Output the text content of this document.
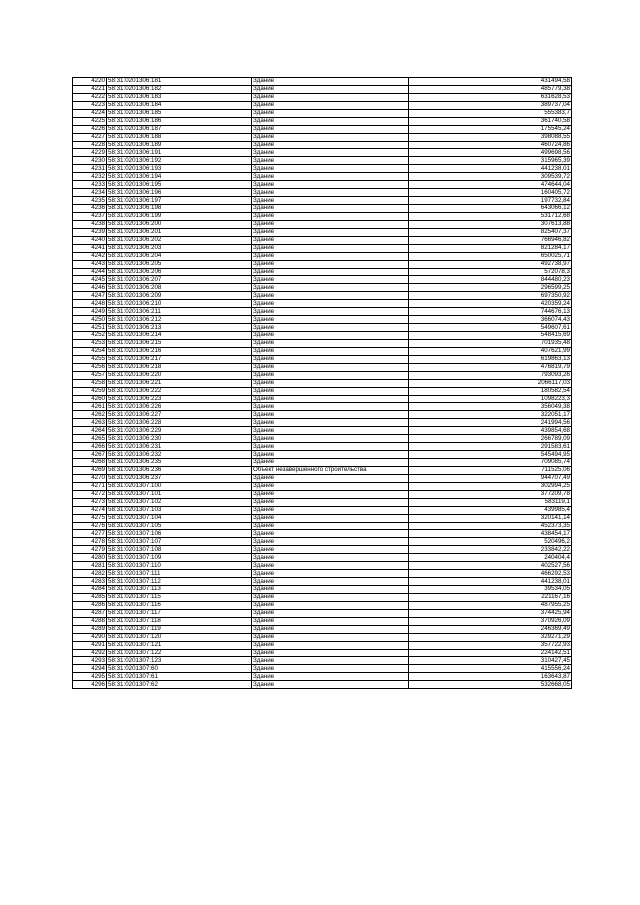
4220	58:31:0201306:181	Здание	431494,58
4221	58:31:0201306:182	Здание	485779,38
4222	58:31:0201306:183	Здание	631628,53
4223	58:31:0201306:184	Здание	389737,04
4224	58:31:0201306:185	Здание	555383,7
4225	58:31:0201306:186	Здание	361740,58
4226	58:31:0201306:187	Здание	175545,24
4227	58:31:0201306:188	Здание	398088,55
4228	58:31:0201306:189	Здание	460724,86
4229	58:31:0201306:191	Здание	499698,56
4230	58:31:0201306:192	Здание	315965,39
4231	58:31:0201306:193	Здание	441238,01
4232	58:31:0201306:194	Здание	309539,72
4233	58:31:0201306:195	Здание	474644,04
4234	58:31:0201306:196	Здание	160405,72
4235	58:31:0201306:197	Здание	197732,84
4236	58:31:0201306:198	Здание	643066,12
4237	58:31:0201306:199	Здание	531712,68
4238	58:31:0201306:200	Здание	307613,88
4239	58:31:0201306:201	Здание	825407,37
4240	58:31:0201306:202	Здание	766946,82
4241	58:31:0201306:203	Здание	821284,17
4242	58:31:0201306:204	Здание	650025,71
4243	58:31:0201306:205	Здание	492738,97
4244	58:31:0201306:206	Здание	572078,3
4245	58:31:0201306:207	Здание	844480,23
4246	58:31:0201306:208	Здание	296599,25
4247	58:31:0201306:209	Здание	697350,92
4248	58:31:0201306:210	Здание	420359,24
4249	58:31:0201306:211	Здание	744676,13
4250	58:31:0201306:212	Здание	366074,43
4251	58:31:0201306:213	Здание	549607,61
4252	58:31:0201306:214	Здание	548415,69
4253	58:31:0201306:215	Здание	701935,48
4254	58:31:0201306:216	Здание	407621,99
4255	58:31:0201306:217	Здание	619863,13
4256	58:31:0201306:218	Здание	476819,79
4257	58:31:0201306:220	Здание	793093,26
4258	58:31:0201306:221	Здание	2066117,03
4259	58:31:0201306:222	Здание	180582,54
4260	58:31:0201306:223	Здание	1098223,3
4261	58:31:0201306:226	Здание	356049,38
4262	58:31:0201306:227	Здание	322051,17
4263	58:31:0201306:228	Здание	241994,56
4264	58:31:0201306:229	Здание	439854,68
4265	58:31:0201306:230	Здание	266789,09
4266	58:31:0201306:231	Здание	291583,61
4267	58:31:0201306:232	Здание	545494,95
4268	58:31:0201306:235	Здание	709085,74
4269	58:31:0201306:236	Объект незавершенного строительства	711525,06
4270	58:31:0201306:237	Здание	944707,49
4271	58:31:0201307:100	Здание	302994,25
4272	58:31:0201307:101	Здание	377209,78
4273	58:31:0201307:102	Здание	583119,1
4274	58:31:0201307:103	Здание	439985,4
4275	58:31:0201307:104	Здание	320141,14
4276	58:31:0201307:105	Здание	452373,35
4277	58:31:0201307:106	Здание	438454,17
4278	58:31:0201307:107	Здание	520496,2
4279	58:31:0201307:108	Здание	233842,22
4280	58:31:0201307:109	Здание	240404,4
4281	58:31:0201307:110	Здание	402527,56
4282	58:31:0201307:111	Здание	466292,53
4283	58:31:0201307:112	Здание	441238,01
4284	58:31:0201307:113	Здание	39534,05
4285	58:31:0201307:115	Здание	221167,16
4286	58:31:0201307:116	Здание	487955,25
4287	58:31:0201307:117	Здание	374425,94
4288	58:31:0201307:118	Здание	370926,09
4289	58:31:0201307:119	Здание	246369,49
4290	58:31:0201307:120	Здание	329271,29
4291	58:31:0201307:121	Здание	357722,93
4292	58:31:0201307:122	Здание	224142,51
4293	58:31:0201307:123	Здание	310427,45
4294	58:31:0201307:60	Здание	415556,24
4295	58:31:0201307:61	Здание	163643,87
4296	58:31:0201307:62	Здание	532668,05
